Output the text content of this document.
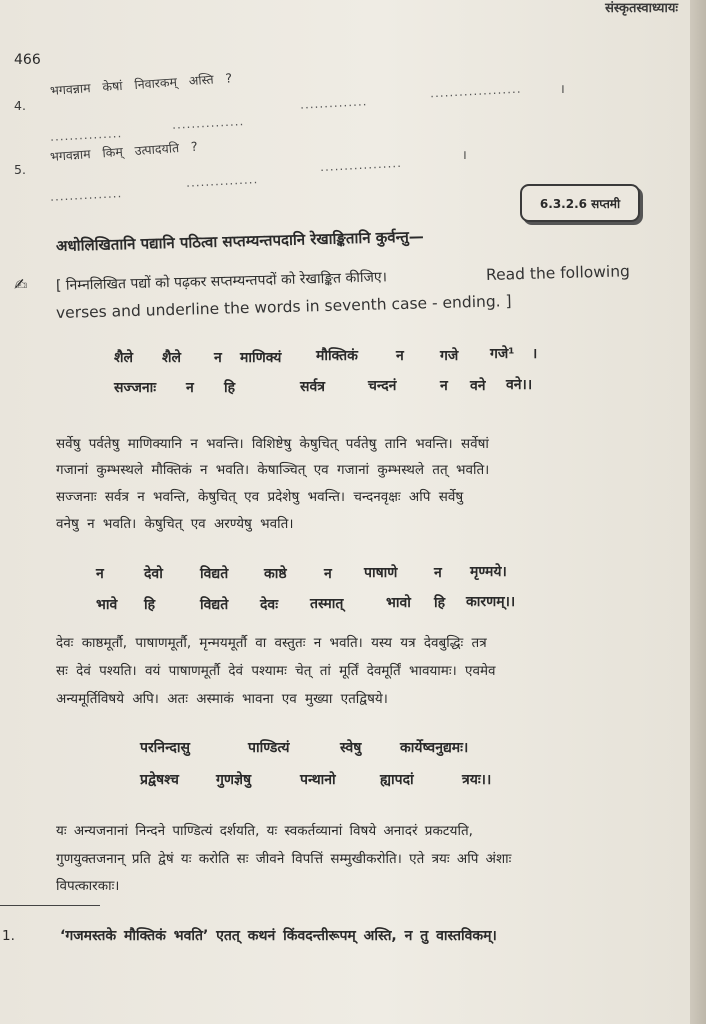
संस्कृतस्वाध्यायः
466
4.
भगवन्नाम केषां निवारकम् अस्ति ?
..............
...................	।
...............
...............
5.
भगवन्नाम किम् उत्पादयति ?
.................
।
...............
...............
6.3.2.6 सप्तमी
✍
अधोलिखितानि पद्यानि पठित्वा सप्तम्यन्तपदानि रेखाङ्कितानि कुर्वन्तु—
[ निम्नलिखित पद्यों को पढ़कर सप्तम्यन्तपदों को रेखाङ्कित कीजिए।	Read the following
verses and underline the words in seventh case - ending. ]
शैले शैले न माणिक्यं मौक्तिकं	न	गजे गजे¹ ।
सज्जनाः न हि	सर्वत्र	चन्दनं	न वने वने।।
सर्वेषु पर्वतेषु माणिक्यानि न भवन्ति। विशिष्टेषु केषुचित् पर्वतेषु तानि भवन्ति। सर्वेषां
गजानां कुम्भस्थले मौक्तिकं न भवति। केषाञ्चित् एव गजानां कुम्भस्थले तत् भवति।
सज्जनाः सर्वत्र न भवन्ति, केषुचित् एव प्रदेशेषु भवन्ति। चन्दनवृक्षः अपि सर्वेषु
वनेषु न भवति। केषुचित् एव अरण्येषु भवति।
न	देवो	विद्यते	काष्ठे	न पाषाणे	न मृण्मये।
भावे हि	विद्यते देवः तस्मात्	भावो हि कारणम्।।
देवः काष्ठमूर्तौ, पाषाणमूर्तौ, मृन्मयमूर्तौ वा वस्तुतः न भवति। यस्य यत्र देवबुद्धिः तत्र
सः देवं पश्यति। वयं पाषाणमूर्तौ देवं पश्यामः चेत् तां मूर्तिं देवमूर्तिं भावयामः। एवमेव
अन्यमूर्तिविषये अपि। अतः अस्माकं भावना एव मुख्या एतद्विषये।
परनिन्दासु	पाण्डित्यं	स्वेषु	कार्येष्वनुद्यमः।
प्रद्वेषश्च	गुणज्ञेषु	पन्थानो	ह्यापदां	त्रयः।।
यः अन्यजनानां निन्दने पाण्डित्यं दर्शयति, यः स्वकर्तव्यानां विषये अनादरं प्रकटयति,
गुणयुक्तजनान् प्रति द्वेषं यः करोति सः जीवने विपत्तिं सम्मुखीकरोति। एते त्रयः अपि अंशाः
विपत्कारकाः।
1.	‘गजमस्तके मौक्तिकं भवति’ एतत् कथनं किंवदन्तीरूपम् अस्ति, न तु वास्तविकम्।
